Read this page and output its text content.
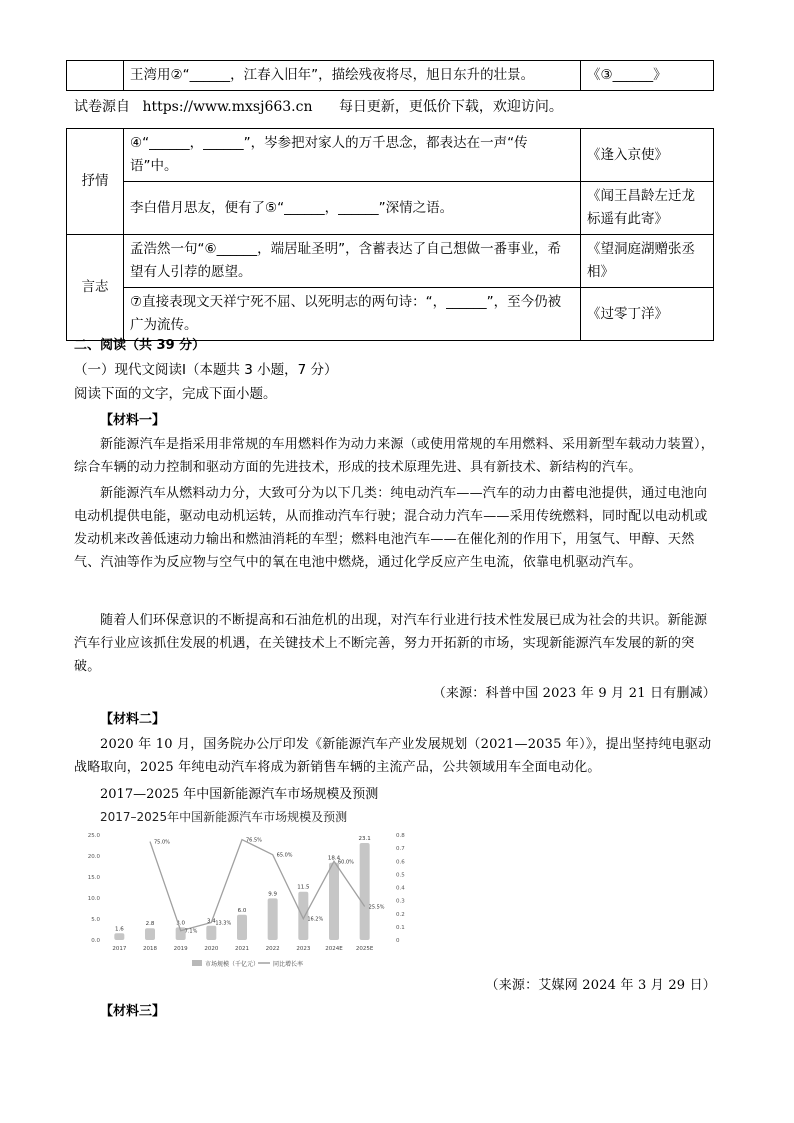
	王湾用②“______，江春入旧年”，描绘残夜将尽，旭日东升的壮景。	《③______》
试卷源自 https://www.mxsj663.cn 每日更新，更低价下载，欢迎访问。
抒情	④“______，______”，岑参把对家人的万千思念，都表达在一声“传语”中。	《逢入京使》
	李白借月思友，便有了⑤“______，______”深情之语。	《闻王昌龄左迁龙标遥有此寄》
言志	孟浩然一句“⑥______，端居耻圣明”，含蓄表达了自己想做一番事业，希望有人引荐的愿望。	《望洞庭湖赠张丞相》
	⑦直接表现文天祥宁死不屈、以死明志的两句诗：“，______”，至今仍被广为流传。	《过零丁洋》
二、阅读（共 39 分）
（一）现代文阅读Ⅰ（本题共 3 小题，7 分）
阅读下面的文字，完成下面小题。
【材料一】
新能源汽车是指采用非常规的车用燃料作为动力来源（或使用常规的车用燃料、采用新型车载动力装置），综合车辆的动力控制和驱动方面的先进技术，形成的技术原理先进、具有新技术、新结构的汽车。
新能源汽车从燃料动力分，大致可分为以下几类：纯电动汽车——汽车的动力由蓄电池提供，通过电池向电动机提供电能，驱动电动机运转，从而推动汽车行驶；混合动力汽车——采用传统燃料，同时配以电动机或发动机来改善低速动力输出和燃油消耗的车型；燃料电池汽车——在催化剂的作用下，用氢气、甲醇、天然气、汽油等作为反应物与空气中的氧在电池中燃烧，通过化学反应产生电流，依靠电机驱动汽车。
随着人们环保意识的不断提高和石油危机的出现，对汽车行业进行技术性发展已成为社会的共识。新能源汽车行业应该抓住发展的机遇，在关键技术上不断完善，努力开拓新的市场，实现新能源汽车发展的新的突破。
（来源：科普中国 2023 年 9 月 21 日有删减）
【材料二】
2020 年 10 月，国务院办公厅印发《新能源汽车产业发展规划（2021—2035 年）》，提出坚持纯电驱动战略取向，2025 年纯电动汽车将成为新销售车辆的主流产品，公共领域用车全面电动化。
2017—2025 年中国新能源汽车市场规模及预测
2017–2025年中国新能源汽车市场规模及预测
1.6
2.8	3.0	3.4
6.0
9.9
11.5
18.4
23.1
75.0%
7.1%
13.3%
76.5%
65.0%
16.2%
60.0%
25.5%
0.0
5.0
10.0
15.0
20.0
25.0
0
0.1
0.2
0.3
0.4
0.5
0.6
0.7
0.8
2017	2018	2019	2020	2021	2022	2023	2024E 2025E
市场规模（千亿元） 同比增长率
（来源：艾媒网 2024 年 3 月 29 日）
【材料三】
